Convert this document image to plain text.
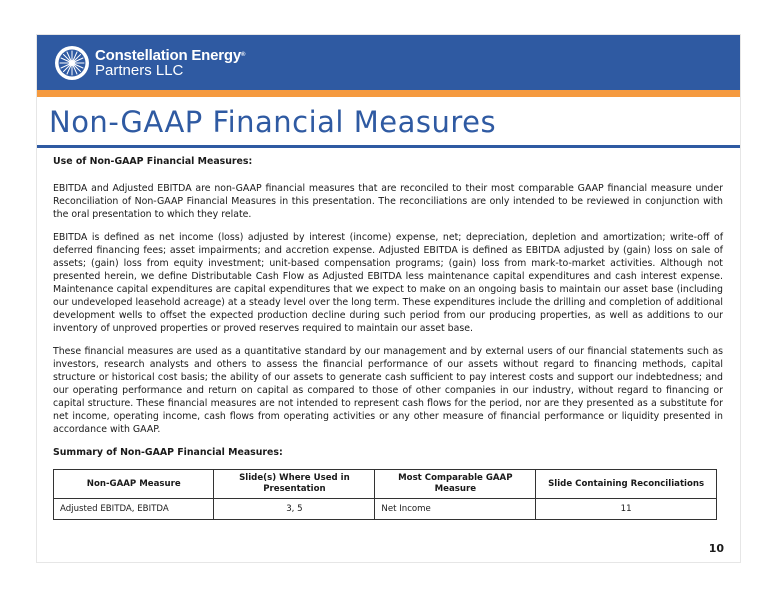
Constellation Energy®
Partners LLC
Non-GAAP Financial Measures

Use of Non-GAAP Financial Measures:

EBITDA and Adjusted EBITDA are non-GAAP financial measures that are reconciled to their most comparable GAAP financial measure under Reconciliation of Non-GAAP Financial Measures in this presentation. The reconciliations are only intended to be reviewed in conjunction with the oral presentation to which they relate.

EBITDA is defined as net income (loss) adjusted by interest (income) expense, net; depreciation, depletion and amortization; write-off of deferred financing fees; asset impairments; and accretion expense. Adjusted EBITDA is defined as EBITDA adjusted by (gain) loss on sale of assets; (gain) loss from equity investment; unit-based compensation programs; (gain) loss from mark-to-market activities. Although not presented herein, we define Distributable Cash Flow as Adjusted EBITDA less maintenance capital expenditures and cash interest expense. Maintenance capital expenditures are capital expenditures that we expect to make on an ongoing basis to maintain our asset base (including our undeveloped leasehold acreage) at a steady level over the long term. These expenditures include the drilling and completion of additional development wells to offset the expected production decline during such period from our producing properties, as well as additions to our inventory of unproved properties or proved reserves required to maintain our asset base.

These financial measures are used as a quantitative standard by our management and by external users of our financial statements such as investors, research analysts and others to assess the financial performance of our assets without regard to financing methods, capital structure or historical cost basis; the ability of our assets to generate cash sufficient to pay interest costs and support our indebtedness; and our operating performance and return on capital as compared to those of other companies in our industry, without regard to financing or capital structure. These financial measures are not intended to represent cash flows for the period, nor are they presented as a substitute for net income, operating income, cash flows from operating activities or any other measure of financial performance or liquidity presented in accordance with GAAP.

Summary of Non-GAAP Financial Measures:

Non-GAAP Measure	Slide(s) Where Used in Presentation	Most Comparable GAAP Measure	Slide Containing Reconciliations
Adjusted EBITDA, EBITDA	3, 5	Net Income	11
10
